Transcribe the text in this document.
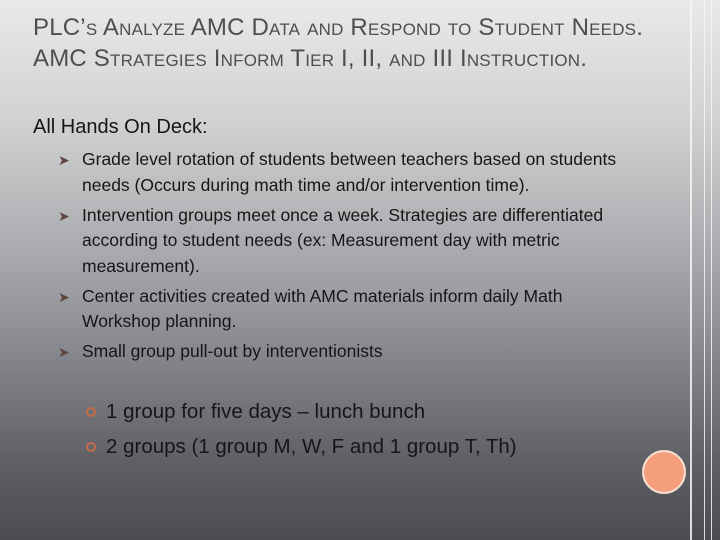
PLC’s Analyze AMC Data and Respond to Student Needs. AMC Strategies Inform Tier I, II, and III Instruction.

All Hands On Deck:

➤ Grade level rotation of students between teachers based on students needs (Occurs during math time and/or intervention time).
➤ Intervention groups meet once a week. Strategies are differentiated according to student needs (ex: Measurement day with metric measurement).
➤ Center activities created with AMC materials inform daily Math Workshop planning.
➤ Small group pull-out by interventionists
1 group for five days – lunch bunch
2 groups (1 group M, W, F and 1 group T, Th)
